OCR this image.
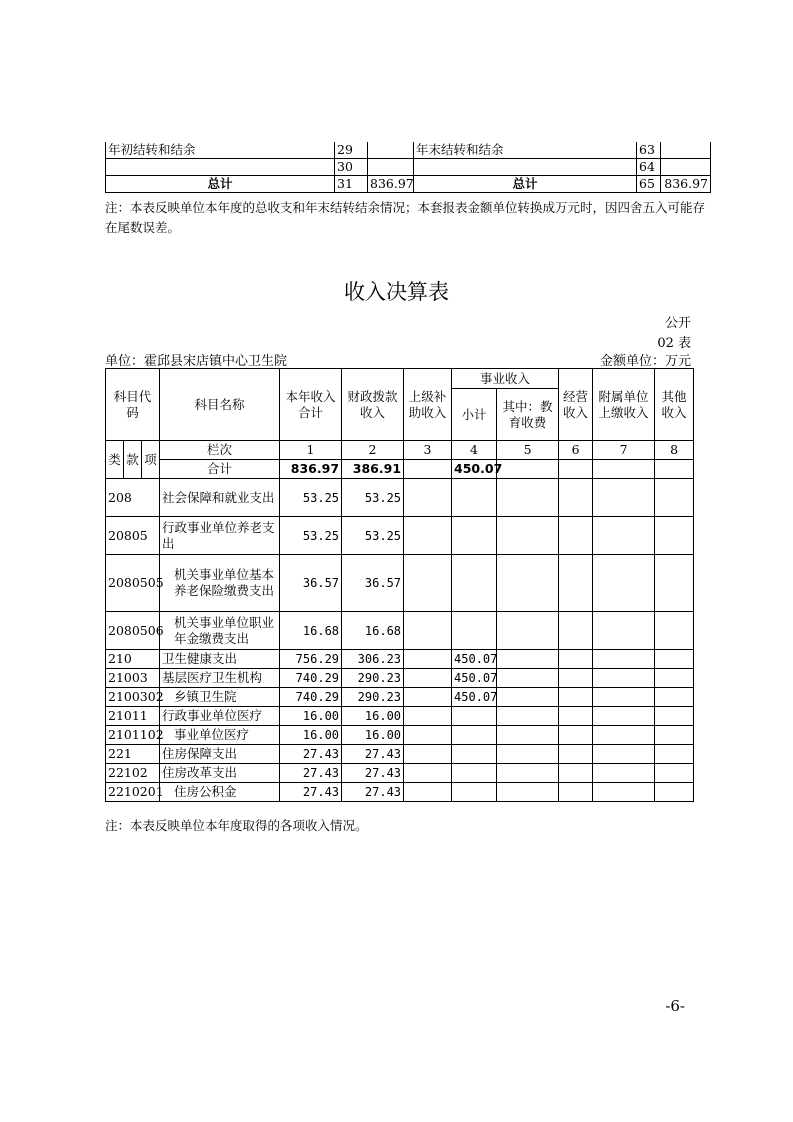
年初结转和结余	29		年末结转和结余	63	
	30			64	
总计	31	836.97	总计	65	836.97
注：本表反映单位本年度的总收支和年末结转结余情况；本套报表金额单位转换成万元时，因四舍五入可能存在尾数误差。
收入决算表
公开
02 表
单位：霍邱县宋店镇中心卫生院	金额单位：万元
科目代码			科目名称	本年收入合计	财政拨款收入	上级补助收入	事业收入		经营收入	附属单位上缴收入	其他收入
							小计	其中：教育收费			
类	款	项	栏次	1	2	3	4	5	6	7	8
			合计	836.97	386.91		450.07				
208			社会保障和就业支出	53.25	53.25						
20805			行政事业单位养老支出	53.25	53.25						
2080505			机关事业单位基本养老保险缴费支出	36.57	36.57						
2080506			机关事业单位职业年金缴费支出	16.68	16.68						
210			卫生健康支出	756.29	306.23		450.07				
21003			基层医疗卫生机构	740.29	290.23		450.07				
2100302			乡镇卫生院	740.29	290.23		450.07				
21011			行政事业单位医疗	16.00	16.00						
2101102			事业单位医疗	16.00	16.00						
221			住房保障支出	27.43	27.43						
22102			住房改革支出	27.43	27.43						
2210201			住房公积金	27.43	27.43						
注：本表反映单位本年度取得的各项收入情况。
-6-
